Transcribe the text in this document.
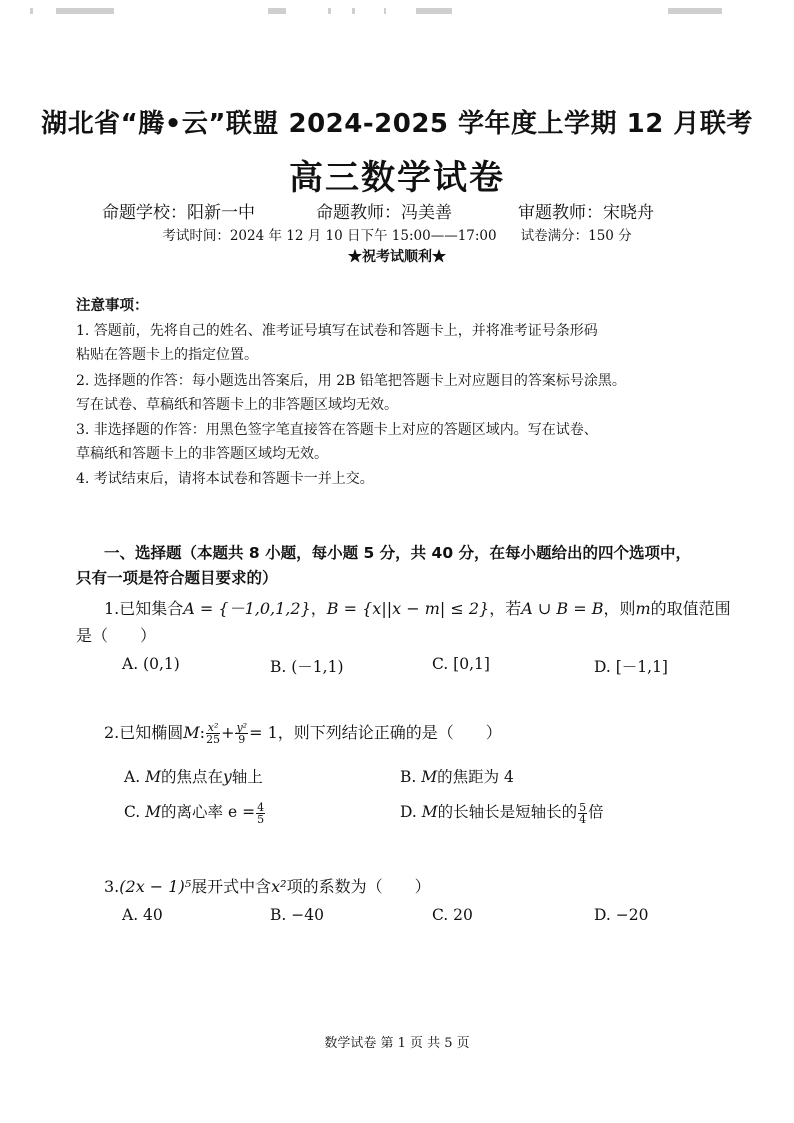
湖北省“腾•云”联盟 2024-2025 学年度上学期 12 月联考
高三数学试卷
命题学校：阳新一中	命题教师：冯美善	审题教师：宋晓舟
考试时间：2024 年 12 月 10 日下午 15:00——17:00 试卷满分：150 分
★祝考试顺利★
注意事项：
1. 答题前，先将自己的姓名、准考证号填写在试卷和答题卡上，并将准考证号条形码
粘贴在答题卡上的指定位置。
2. 选择题的作答：每小题选出答案后，用 2B 铅笔把答题卡上对应题目的答案标号涂黑。
写在试卷、草稿纸和答题卡上的非答题区域均无效。
3. 非选择题的作答：用黑色签字笔直接答在答题卡上对应的答题区域内。写在试卷、
草稿纸和答题卡上的非答题区域均无效。
4. 考试结束后，请将本试卷和答题卡一并上交。
一、选择题（本题共 8 小题，每小题 5 分，共 40 分，在每小题给出的四个选项中，
只有一项是符合题目要求的）
1.已知集合A = {－1,0,1,2}，B = {x||x − m| ≤ 2}，若A ∪ B = B，则m的取值范围
是（　　）
A. (0,1)	B. (－1,1)	C. [0,1]	D. [－1,1]
2.已知椭圆M: $\frac{\text{x²}}{25} + \frac{\text{y²}}{9} = 1$，则下列结论正确的是（　　）
A. M的焦点在y轴上	B. M的焦距为 4
C. M的离心率 $e = \frac{4}{5}$	D. M的长轴长是短轴长的 $\frac{5}{4}$ 倍
3.(2x − 1)⁵展开式中含x²项的系数为（　　）
A. 40	B. −40	C. 20	D. −20
数学试卷 第 1 页 共 5 页
